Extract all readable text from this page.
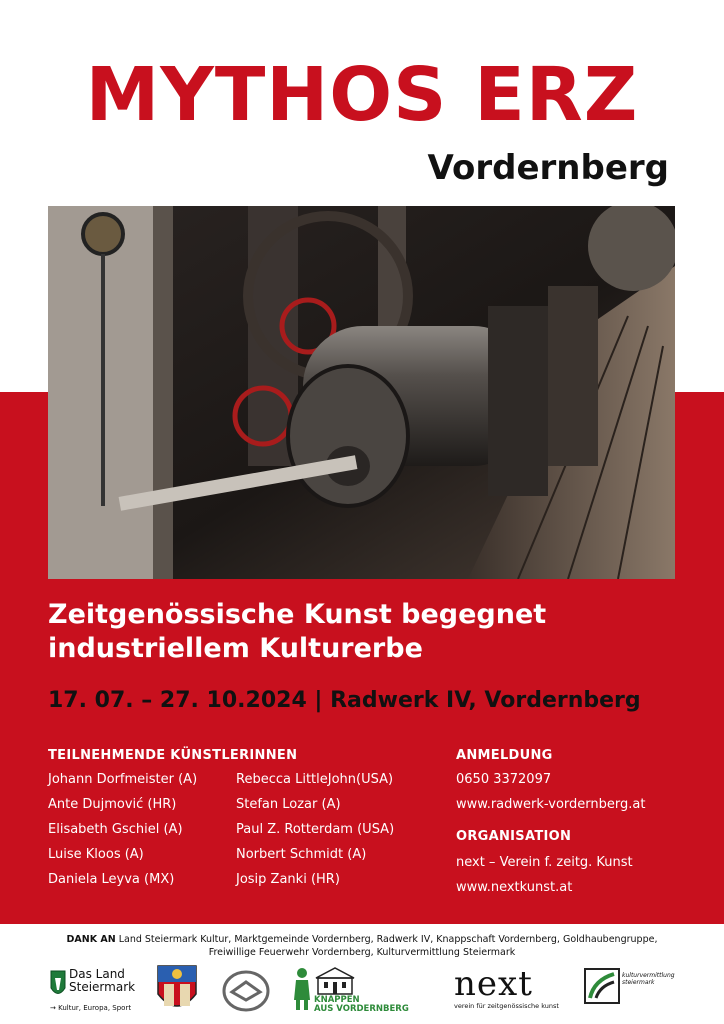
MYTHOS ERZ
Vordernberg
Zeitgenössische Kunst begegnet
industriellem Kulturerbe
17. 07. – 27. 10.2024 | Radwerk IV, Vordernberg
TEILNEHMENDE KÜNSTLERINNEN
Johann Dorfmeister (A)
Ante Dujmović (HR)
Elisabeth Gschiel (A)
Luise Kloos (A)
Daniela Leyva (MX)
Rebecca LittleJohn(USA)
Stefan Lozar (A)
Paul Z. Rotterdam (USA)
Norbert Schmidt (A)
Josip Zanki (HR)
ANMELDUNG
0650 3372097
www.radwerk-vordernberg.at
ORGANISATION
next – Verein f. zeitg. Kunst
www.nextkunst.at
DANK AN Land Steiermark Kultur, Marktgemeinde Vordernberg, Radwerk IV, Knappschaft Vordernberg, Goldhaubengruppe,
Freiwillige Feuerwehr Vordernberg, Kulturvermittlung Steiermark
Das Land
Steiermark
→ Kultur, Europa, Sport
KNAPPEN
AUS VORDERNBERG
next
verein für zeitgenössische kunst
kulturvermittlung
steiermark
